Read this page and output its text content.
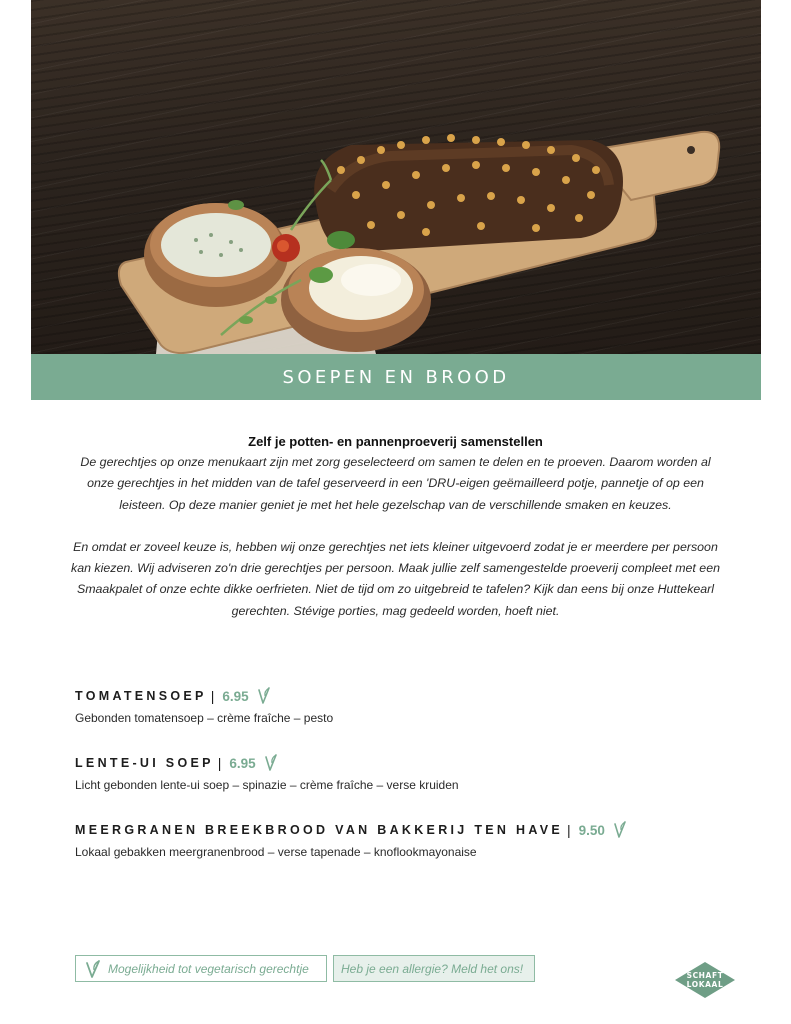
SOEPEN EN BROOD

Zelf je potten- en pannenproeverij samenstellen

De gerechtjes op onze menukaart zijn met zorg geselecteerd om samen te delen en te proeven. Daarom worden al onze gerechtjes in het midden van de tafel geserveerd in een 'DRU-eigen geëmailleerd potje, pannetje of op een leisteen. Op deze manier geniet je met het hele gezelschap van de verschillende smaken en keuzes.

En omdat er zoveel keuze is, hebben wij onze gerechtjes net iets kleiner uitgevoerd zodat je er meerdere per persoon kan kiezen. Wij adviseren zo'n drie gerechtjes per persoon. Maak jullie zelf samengestelde proeverij compleet met een Smaakpalet of onze echte dikke oerfrieten. Niet de tijd om zo uitgebreid te tafelen? Kijk dan eens bij onze Huttekearl gerechten. Stévige porties, mag gedeeld worden, hoeft niet.

TOMATENSOEP | 6.95

Gebonden tomatensoep – crème fraîche – pesto

LENTE-UI SOEP | 6.95

Licht gebonden lente-ui soep – spinazie – crème fraîche – verse kruiden

MEERGRANEN BREEKBROOD VAN BAKKERIJ TEN HAVE | 9.50

Lokaal gebakken meergranenbrood – verse tapenade – knoflookmayonaise

Mogelijkheid tot vegetarisch gerechtje	Heb je een allergie? Meld het ons!	SCHAFT
LOKAAL
